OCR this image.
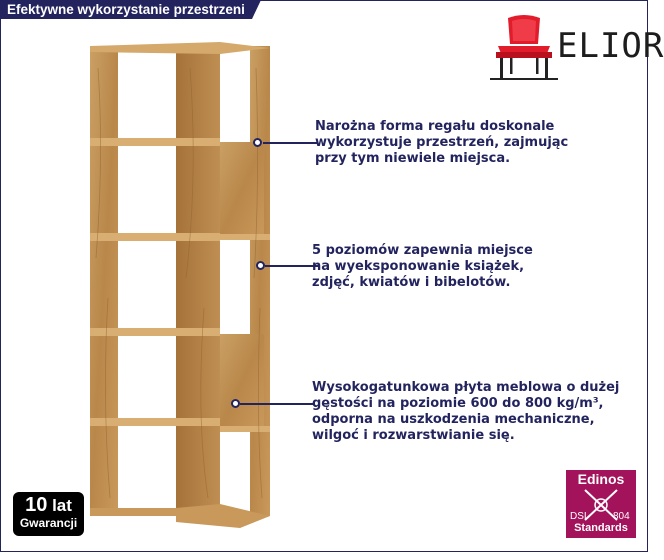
Efektywne wykorzystanie przestrzeni
ELIOR
Narożna forma regału doskonale
wykorzystuje przestrzeń, zajmując
przy tym niewiele miejsca.
5 poziomów zapewnia miejsce
na wyeksponowanie książek,
zdjęć, kwiatów i bibelotów.
Wysokogatunkowa płyta meblowa o dużej
gęstości na poziomie 600 do 800 kg/m³,
odporna na uszkodzenia mechaniczne,
wilgoć i rozwarstwianie się.
10 lat
Gwarancji
Edinos
DSI	804
Standards
